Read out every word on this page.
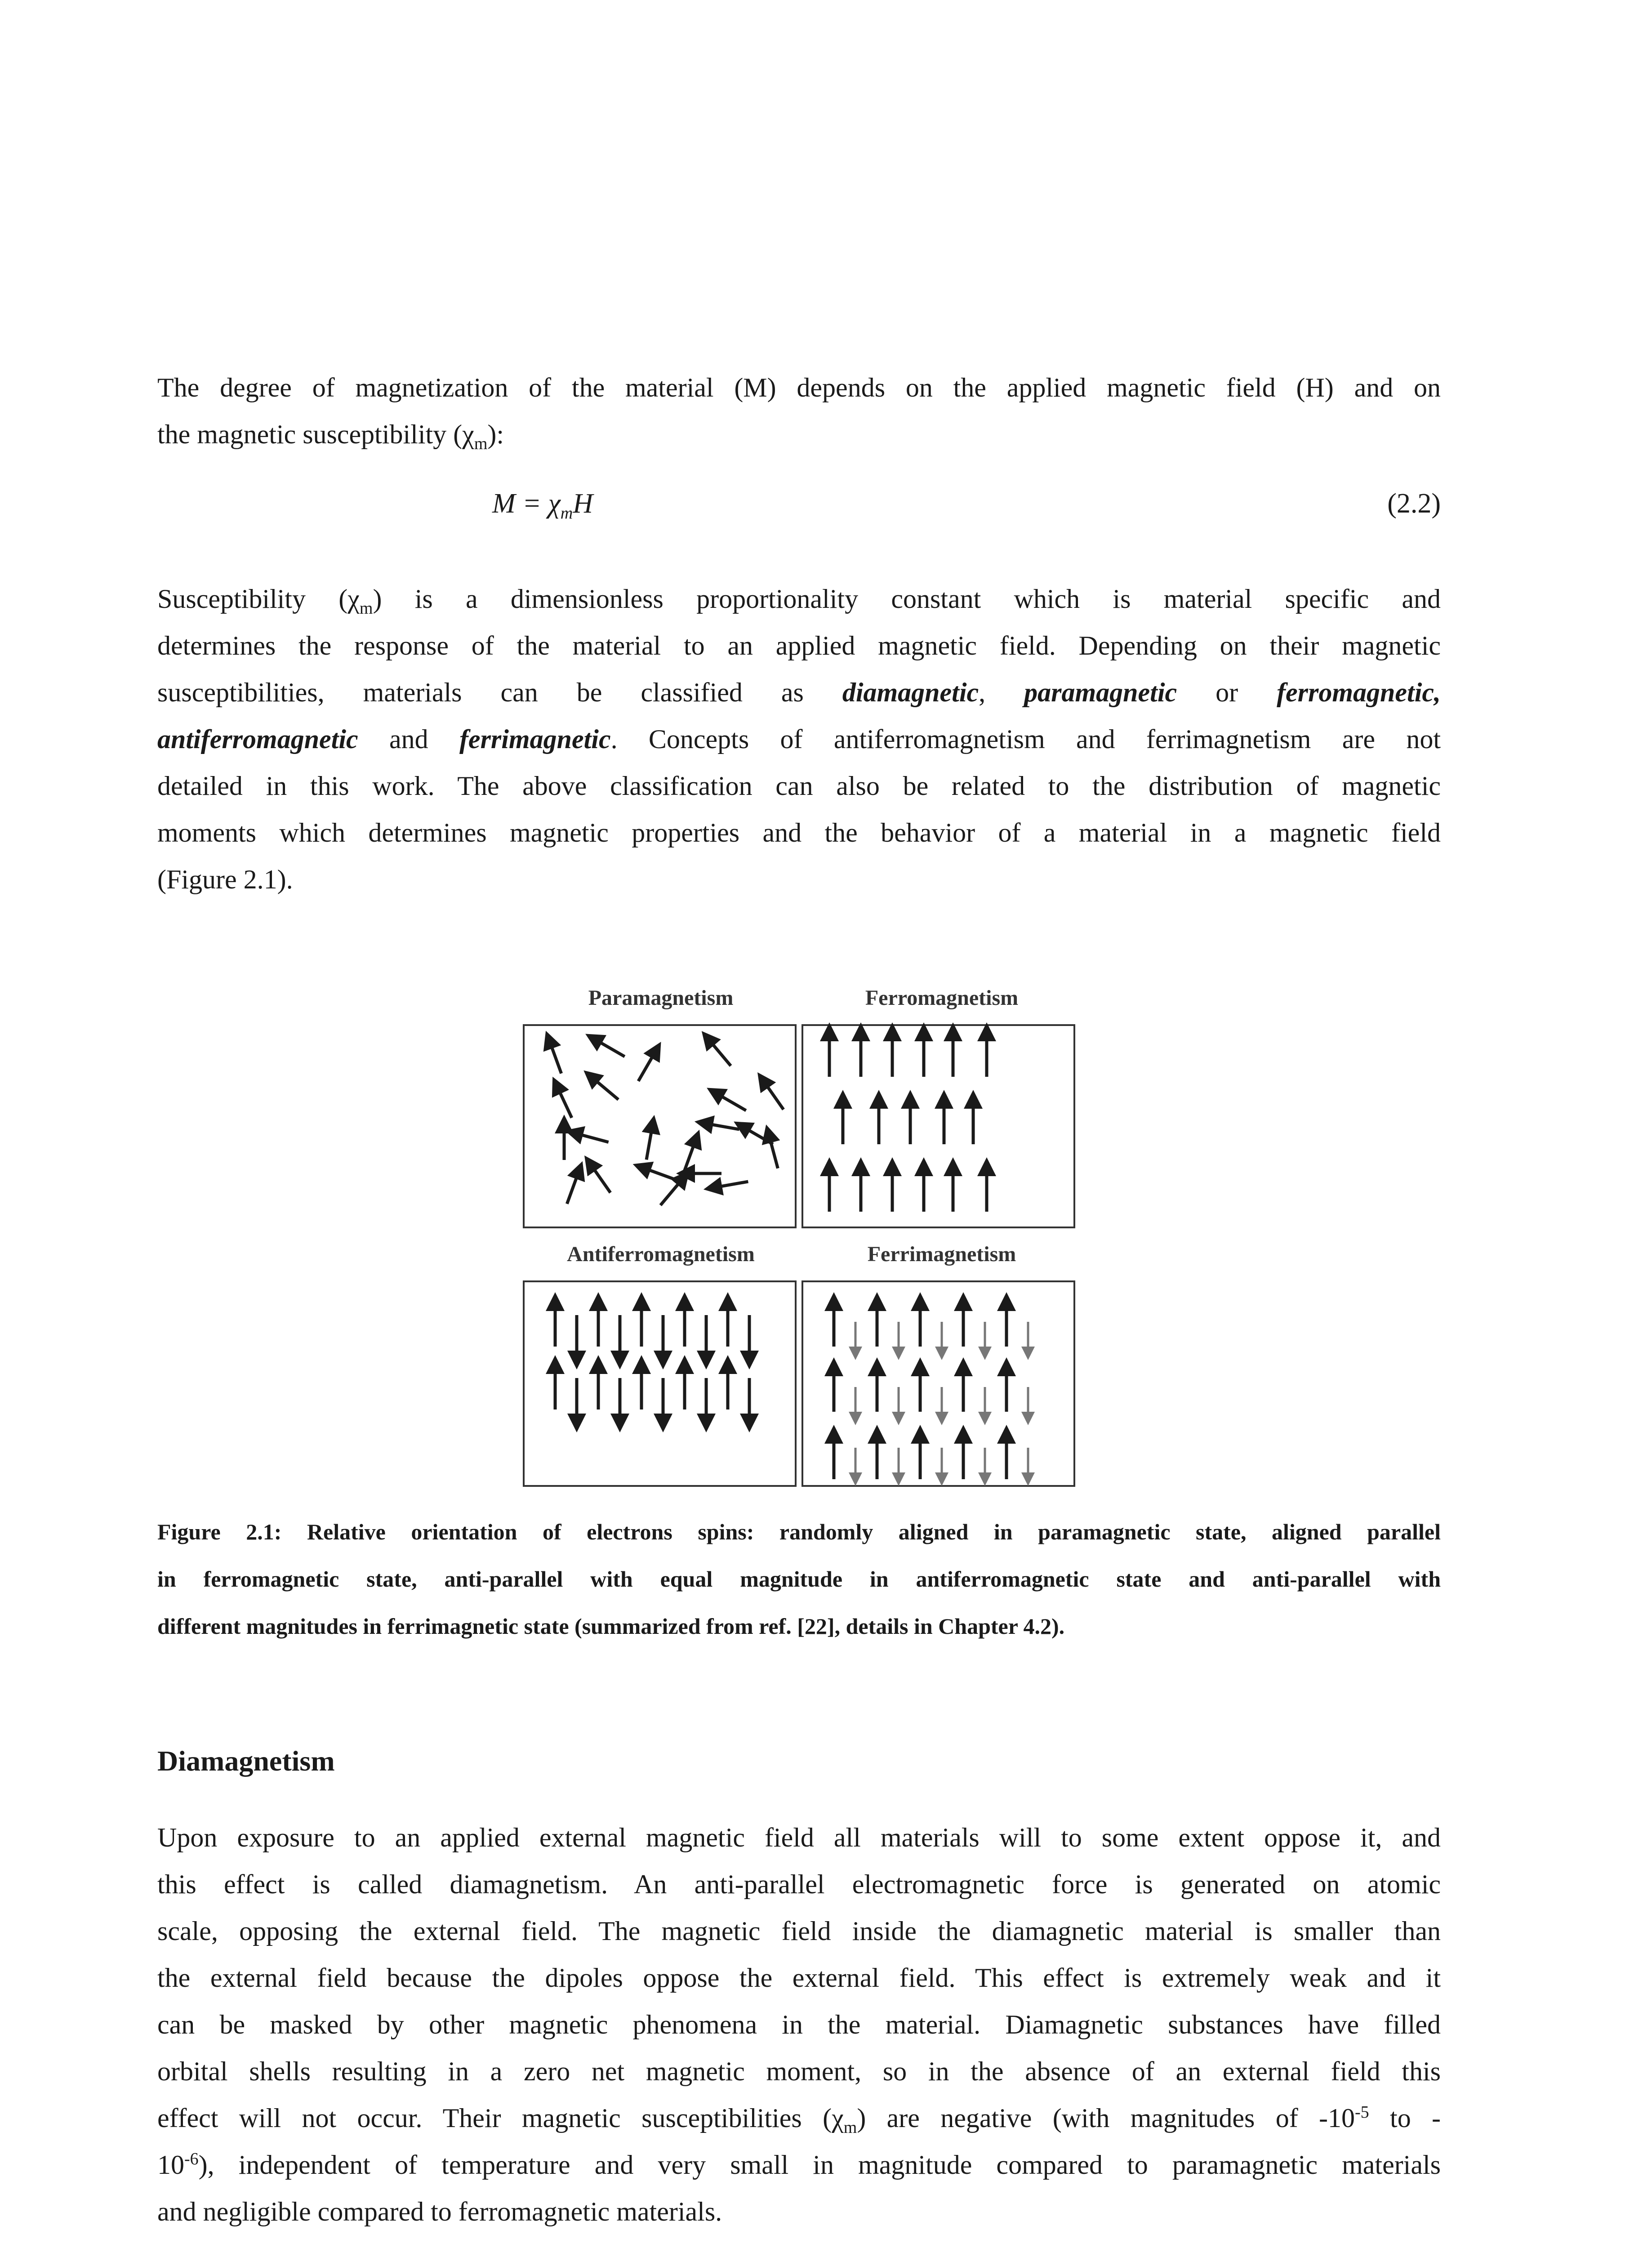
The degree of magnetization of the material (M) depends on the applied magnetic field (H) and on
the magnetic susceptibility $(\chi_m)$:
$M = \chi_mH$	(2.2)
Susceptibility $(\chi_m)$ is a dimensionless proportionality constant which is material specific and
determines the response of the material to an applied magnetic field. Depending on their magnetic
susceptibilities, materials can be classified as diamagnetic, paramagnetic or ferromagnetic,
antiferromagnetic and ferrimagnetic. Concepts of antiferromagnetism and ferrimagnetism are not
detailed in this work. The above classification can also be related to the distribution of magnetic
moments which determines magnetic properties and the behavior of a material in a magnetic field
(Figure 2.1).
Paramagnetism	Ferromagnetism
Antiferromagnetism	Ferrimagnetism
Figure 2.1: Relative orientation of electrons spins: randomly aligned in paramagnetic state, aligned parallel
in ferromagnetic state, anti-parallel with equal magnitude in antiferromagnetic state and anti-parallel with
different magnitudes in ferrimagnetic state (summarized from ref. [22], details in Chapter 4.2).
Diamagnetism
Upon exposure to an applied external magnetic field all materials will to some extent oppose it, and
this effect is called diamagnetism. An anti-parallel electromagnetic force is generated on atomic
scale, opposing the external field. The magnetic field inside the diamagnetic material is smaller than
the external field because the dipoles oppose the external field. This effect is extremely weak and it
can be masked by other magnetic phenomena in the material. Diamagnetic substances have filled
orbital shells resulting in a zero net magnetic moment, so in the absence of an external field this
effect will not occur. Their magnetic susceptibilities $(\chi_m)$ are negative (with magnitudes of $-10^{-5}$ to -
$10^{-6}$), independent of temperature and very small in magnitude compared to paramagnetic materials
and negligible compared to ferromagnetic materials.
